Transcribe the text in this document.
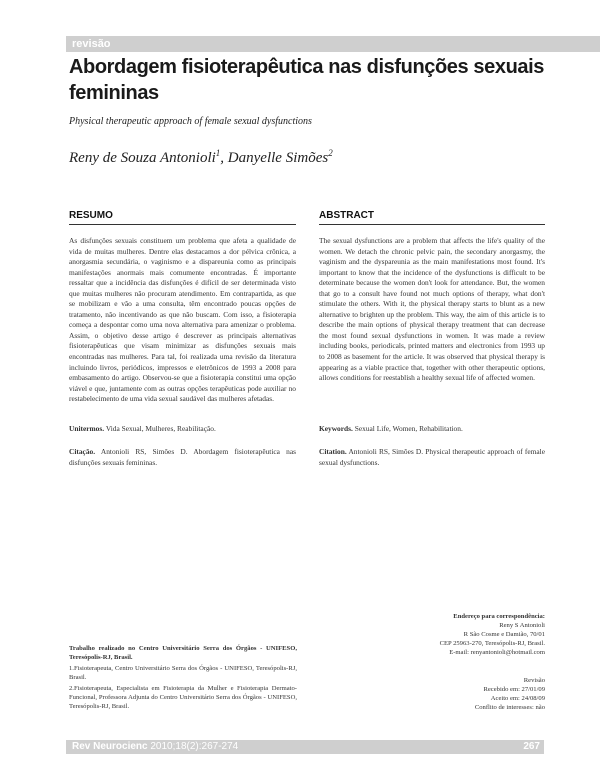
revisão
Abordagem fisioterapêutica nas disfunções sexuais femininas
Physical therapeutic approach of female sexual dysfunctions
Reny de Souza Antonioli$^1$, Danyelle Simões$^2$
RESUMO
As disfunções sexuais constituem um problema que afeta a qualidade de vida de muitas mulheres. Dentre elas destacamos a dor pélvica crônica, a anorgasmia secundária, o vaginismo e a dispareunia como as principais manifestações anormais mais comumente encontradas. É importante ressaltar que a incidência das disfunções é difícil de ser determinada visto que muitas mulheres não procuram atendimento. Em contrapartida, as que se mobilizam e vão a uma consulta, têm encontrado poucas opções de tratamento, não incentivando as que não buscam. Com isso, a fisioterapia começa a despontar como uma nova alternativa para amenizar o problema. Assim, o objetivo desse artigo é descrever as principais alternativas fisioterapêuticas que visam minimizar as disfunções sexuais mais encontradas nas mulheres. Para tal, foi realizada uma revisão da literatura incluindo livros, periódicos, impressos e eletrônicos de 1993 a 2008 para embasamento do artigo. Observou-se que a fisioterapia constitui uma opção viável e que, juntamente com as outras opções terapêuticas pode auxiliar no restabelecimento de uma vida sexual saudável das mulheres afetadas.
Unitermos. Vida Sexual, Mulheres, Reabilitação.
Citação. Antonioli RS, Simões D. Abordagem fisioterapêutica nas disfunções sexuais femininas.
ABSTRACT
The sexual dysfunctions are a problem that affects the life's quality of the women. We detach the chronic pelvic pain, the secondary anorgasmy, the vaginism and the dyspareunia as the main manifestations most found. It's important to know that the incidence of the dysfunctions is difficult to be determinate because the women don't look for attendance. But, the women that go to a consult have found not much options of therapy, what don't stimulate the others. With it, the physical therapy starts to blunt as a new alternative to brighten up the problem. This way, the aim of this article is to describe the main options of physical therapy treatment that can decrease the most found sexual dysfunctions in women. It was made a review including books, periodicals, printed matters and electronics from 1993 up to 2008 as basement for the article. It was observed that physical therapy is appearing as a viable practice that, together with other therapeutic options, allows conditions for reestablish a healthy sexual life of affected women.
Keywords. Sexual Life, Women, Rehabilitation.
Citation. Antonioli RS, Simões D. Physical therapeutic approach of female sexual dysfunctions.
Trabalho realizado no Centro Universitário Serra dos Órgãos - UNIFESO, Teresópolis-RJ, Brasil.
1.Fisioterapeuta, Centro Universitário Serra dos Órgãos - UNIFESO, Teresópolis-RJ, Brasil.
2.Fisioterapeuta, Especialista em Fisioterapia da Mulher e Fisioterapia Dermato-Funcional, Professora Adjunta do Centro Universitário Serra dos Órgãos - UNIFESO, Teresópolis-RJ, Brasil.
Endereço para correspondência:
Reny S Antonioli
R São Cosme e Damião, 70/01
CEP 25963-270, Teresópolis-RJ, Brasil.
E-mail: renyantonioli@hotmail.com
Revisão
Recebido em: 27/01/09
Aceito em: 24/08/09
Conflito de interesses: não
Rev Neurocienc 2010;18(2):267-274	267
